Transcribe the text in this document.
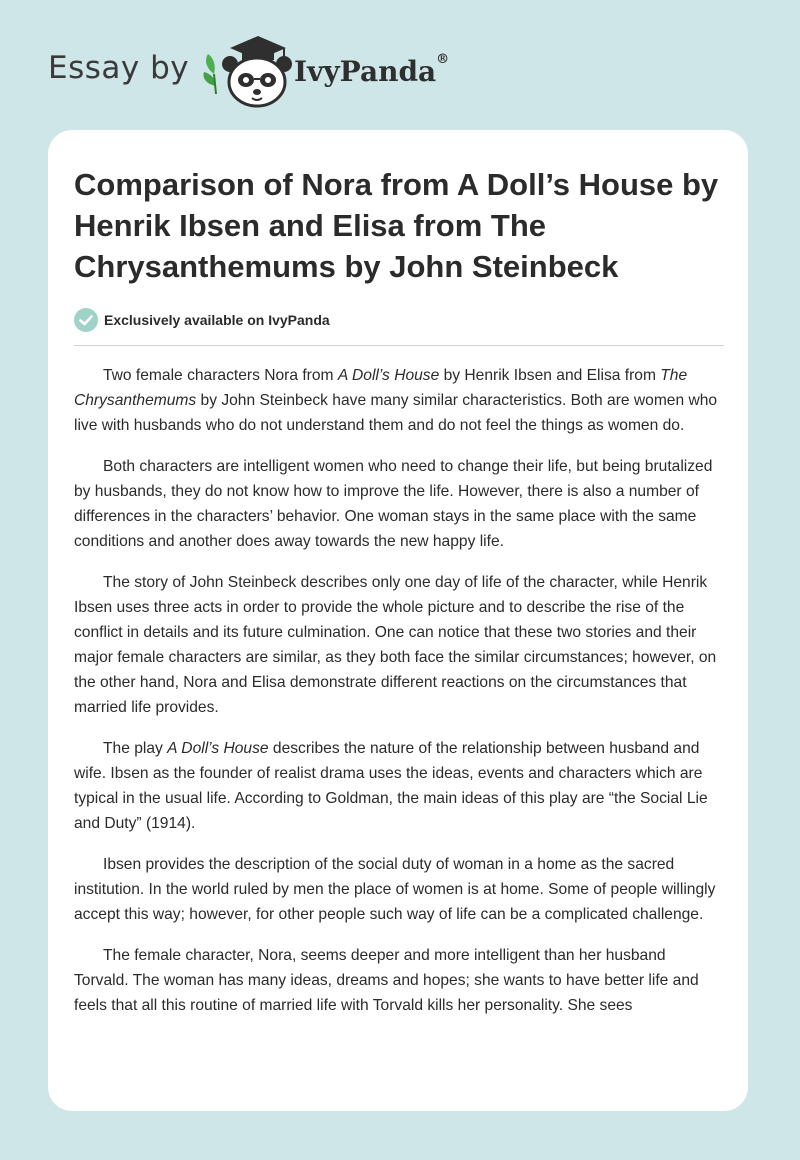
Essay by	IvyPanda®
Comparison of Nora from A Doll’s House by Henrik Ibsen and Elisa from The Chrysanthemums by John Steinbeck
Exclusively available on IvyPanda

Two female characters Nora from A Doll’s House by Henrik Ibsen and Elisa from The Chrysanthemums by John Steinbeck have many similar characteristics. Both are women who live with husbands who do not understand them and do not feel the things as women do.

Both characters are intelligent women who need to change their life, but being brutalized by husbands, they do not know how to improve the life. However, there is also a number of differences in the characters’ behavior. One woman stays in the same place with the same conditions and another does away towards the new happy life.

The story of John Steinbeck describes only one day of life of the character, while Henrik Ibsen uses three acts in order to provide the whole picture and to describe the rise of the conflict in details and its future culmination. One can notice that these two stories and their major female characters are similar, as they both face the similar circumstances; however, on the other hand, Nora and Elisa demonstrate different reactions on the circumstances that married life provides.

The play A Doll’s House describes the nature of the relationship between husband and wife. Ibsen as the founder of realist drama uses the ideas, events and characters which are typical in the usual life. According to Goldman, the main ideas of this play are “the Social Lie and Duty” (1914).

Ibsen provides the description of the social duty of woman in a home as the sacred institution. In the world ruled by men the place of women is at home. Some of people willingly accept this way; however, for other people such way of life can be a complicated challenge.

The female character, Nora, seems deeper and more intelligent than her husband Torvald. The woman has many ideas, dreams and hopes; she wants to have better life and feels that all this routine of married life with Torvald kills her personality. She sees
